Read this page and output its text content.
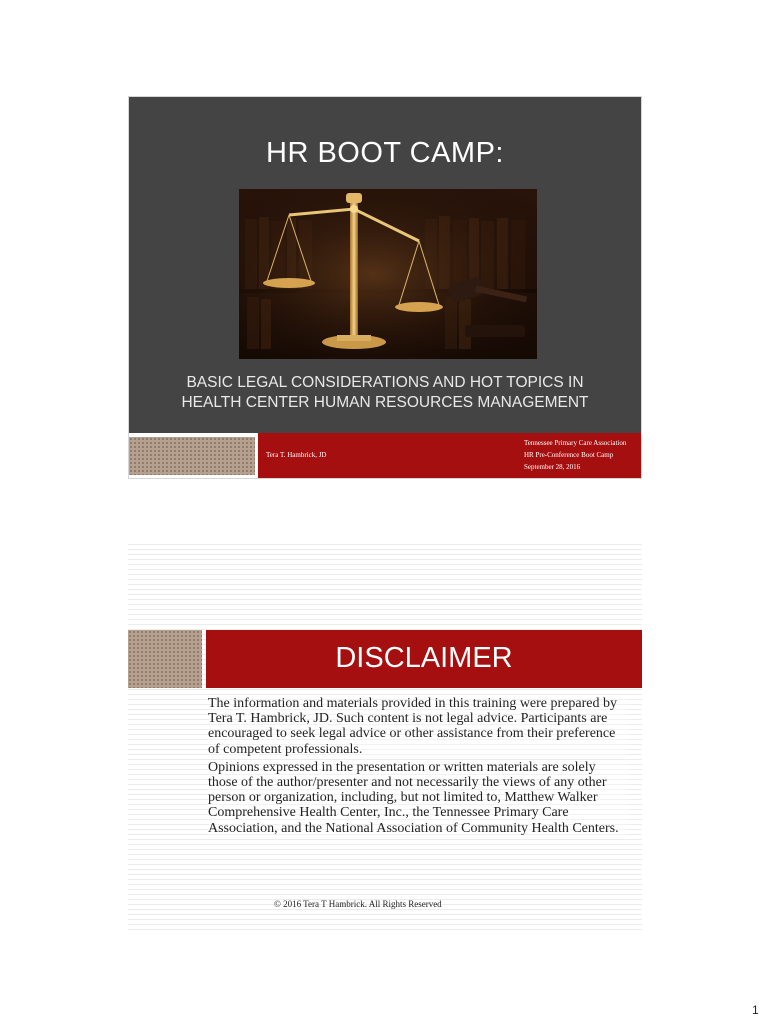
HR BOOT CAMP:
BASIC LEGAL CONSIDERATIONS AND HOT TOPICS IN
HEALTH CENTER HUMAN RESOURCES MANAGEMENT
Tera T. Hambrick, JD
Tennessee Primary Care Association
HR Pre-Conference Boot Camp
September 28, 2016
DISCLAIMER

The information and materials provided in this training were prepared by Tera T. Hambrick, JD. Such content is not legal advice. Participants are encouraged to seek legal advice or other assistance from their preference of competent professionals.

Opinions expressed in the presentation or written materials are solely those of the author/presenter and not necessarily the views of any other person or organization, including, but not limited to, Matthew Walker Comprehensive Health Center, Inc., the Tennessee Primary Care Association, and the National Association of Community Health Centers.

© 2016 Tera T Hambrick. All Rights Reserved
1
